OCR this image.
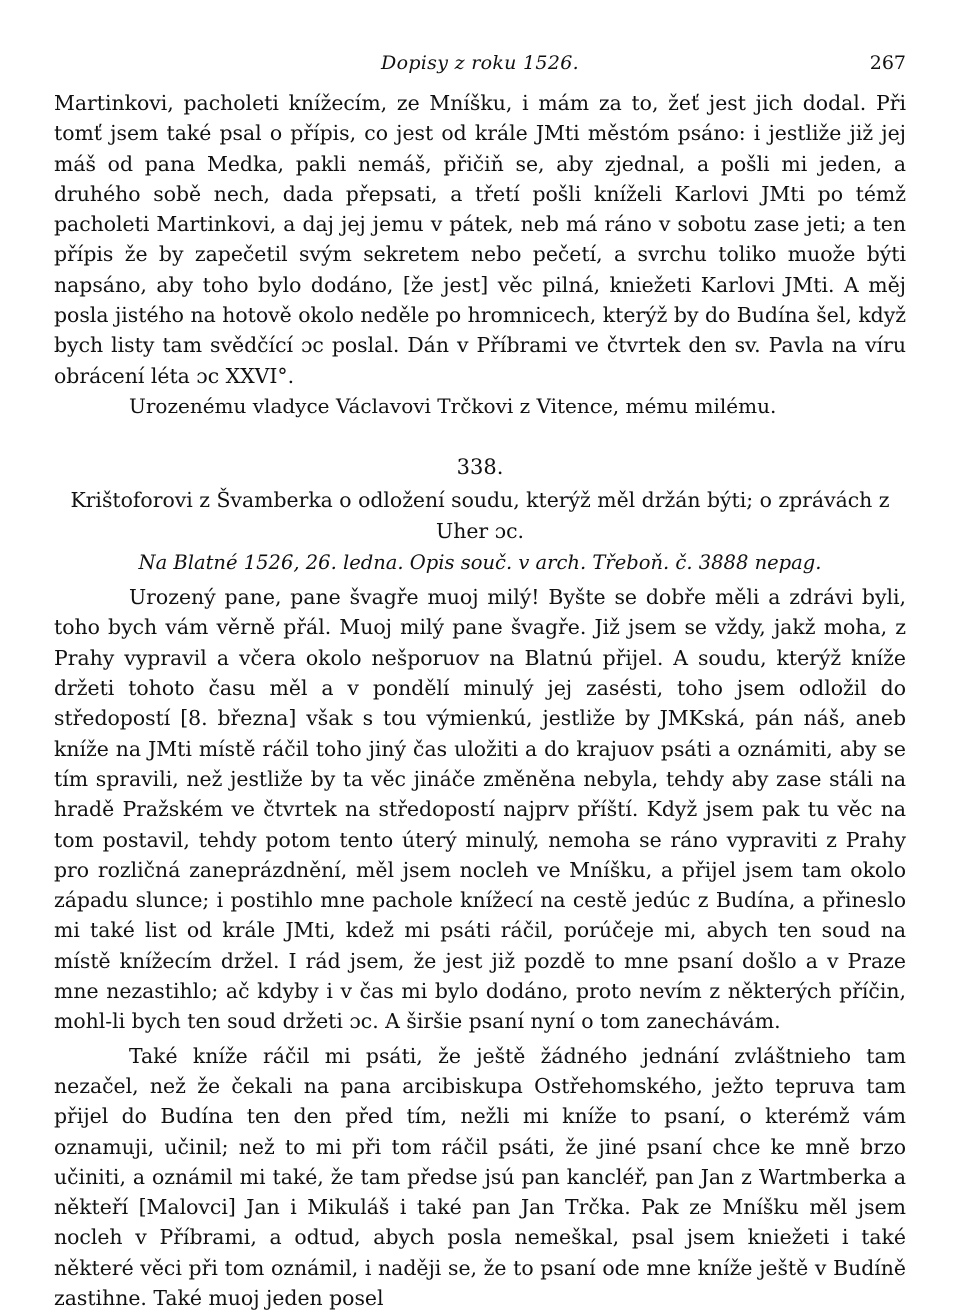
Dopisy z roku 1526.	267

Martinkovi, pacholeti knížecím, ze Mníšku, i mám za to, žeť jest jich dodal. Při tomť jsem také psal o přípis, co jest od krále JMti městóm psáno: i jestliže již jej máš od pana Medka, pakli nemáš, přičiň se, aby zjednal, a pošli mi jeden, a druhého sobě nech, dada přepsati, a třetí pošli kníželi Karlovi JMti po témž pacholeti Martinkovi, a daj jej jemu v pátek, neb má ráno v sobotu zase jeti; a ten přípis že by zapečetil svým sekretem nebo pečetí, a svrchu toliko muože býti napsáno, aby toho bylo dodáno, [že jest] věc pilná, kniežeti Karlovi JMti. A měj posla jistého na hotově okolo neděle po hromnicech, kterýž by do Budína šel, když bych listy tam svědčící ɔc poslal. Dán v Příbrami ve čtvrtek den sv. Pavla na víru obrácení léta ɔc XXVI°.

Urozenému vladyce Václavovi Trčkovi z Vitence, mému milému.

338.

Krištoforovi z Švamberka o odložení soudu, kterýž měl držán býti; o zprávách z Uher ɔc.

Na Blatné 1526, 26. ledna. Opis souč. v arch. Třeboň. č. 3888 nepag.

Urozený pane, pane švagře muoj milý! Byšte se dobře měli a zdrávi byli, toho bych vám věrně přál. Muoj milý pane švagře. Již jsem se vždy, jakž moha, z Prahy vypravil a včera okolo nešporuov na Blatnú přijel. A soudu, kterýž kníže držeti tohoto času měl a v pondělí minulý jej zasésti, toho jsem odložil do středopostí [8. března] však s tou výmienkú, jestliže by JMKská, pán náš, aneb kníže na JMti místě ráčil toho jiný čas uložiti a do krajuov psáti a oznámiti, aby se tím spravili, než jestliže by ta věc jináče změněna nebyla, tehdy aby zase stáli na hradě Pražském ve čtvrtek na středopostí najprv příští. Když jsem pak tu věc na tom postavil, tehdy potom tento úterý minulý, nemoha se ráno vypraviti z Prahy pro rozličná zaneprázdnění, měl jsem nocleh ve Mníšku, a přijel jsem tam okolo západu slunce; i postihlo mne pachole knížecí na cestě jedúc z Budína, a přineslo mi také list od krále JMti, kdež mi psáti ráčil, porúčeje mi, abych ten soud na místě knížecím držel. I rád jsem, že jest již pozdě to mne psaní došlo a v Praze mne nezastihlo; ač kdyby i v čas mi bylo dodáno, proto nevím z některých příčin, mohl-li bych ten soud držeti ɔc. A širšie psaní nyní o tom zanechávám.

Také kníže ráčil mi psáti, že ještě žádného jednání zvláštnieho tam nezačel, než že čekali na pana arcibiskupa Ostřehomského, ježto tepruva tam přijel do Budína ten den před tím, nežli mi kníže to psaní, o kterémž vám oznamuji, učinil; než to mi při tom ráčil psáti, že jiné psaní chce ke mně brzo učiniti, a oznámil mi také, že tam předse jsú pan kancléř, pan Jan z Wartmberka a někteří [Malovci] Jan i Mikuláš i také pan Jan Trčka. Pak ze Mníšku měl jsem nocleh v Příbrami, a odtud, abych posla nemeškal, psal jsem kniežeti i také některé věci při tom oznámil, i naději se, že to psaní ode mne kníže ještě v Budíně zastihne. Také muoj jeden posel
